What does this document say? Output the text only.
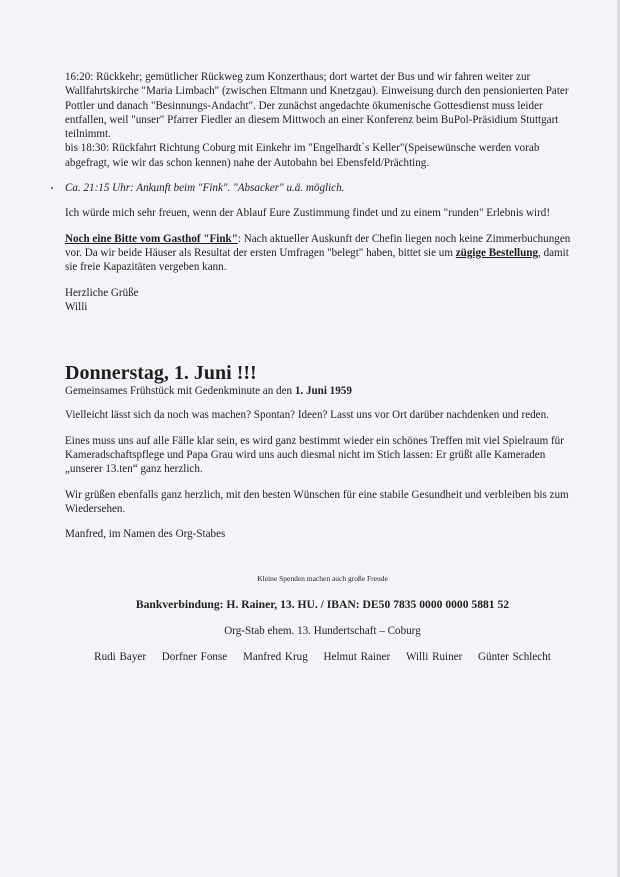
16:20: Rückkehr; gemütlicher Rückweg zum Konzerthaus; dort wartet der Bus und wir fahren weiter zur Wallfahrtskirche "Maria Limbach" (zwischen Eltmann und Knetzgau). Einweisung durch den pensionierten Pater Pottler und danach "Besinnungs-Andacht". Der zunächst angedachte ökumenische Gottesdienst muss leider entfallen, weil "unser" Pfarrer Fiedler an diesem Mittwoch an einer Konferenz beim BuPol-Präsidium Stuttgart teilnimmt.

bis 18:30: Rückfahrt Richtung Coburg mit Einkehr im "Engelhardt`s Keller"(Speisewünsche werden vorab abgefragt, wie wir das schon kennen) nahe der Autobahn bei Ebensfeld/Prächting.

Ca. 21:15 Uhr: Ankunft beim "Fink". "Absacker" u.ä. möglich.

Ich würde mich sehr freuen, wenn der Ablauf Eure Zustimmung findet und zu einem "runden" Erlebnis wird!

Noch eine Bitte vom Gasthof "Fink": Nach aktueller Auskunft der Chefin liegen noch keine Zimmerbuchungen vor. Da wir beide Häuser als Resultat der ersten Umfragen "belegt" haben, bittet sie um zügige Bestellung, damit sie freie Kapazitäten vergeben kann.

Herzliche Grüße

Willi

Donnerstag, 1. Juni !!!

Gemeinsames Frühstück mit Gedenkminute an den 1. Juni 1959

Vielleicht lässt sich da noch was machen? Spontan? Ideen? Lasst uns vor Ort darüber nachdenken und reden.

Eines muss uns auf alle Fälle klar sein, es wird ganz bestimmt wieder ein schönes Treffen mit viel Spielraum für Kameradschaftspflege und Papa Grau wird uns auch diesmal nicht im Stich lassen: Er grüßt alle Kameraden „unserer 13.ten“ ganz herzlich.

Wir grüßen ebenfalls ganz herzlich, mit den besten Wünschen für eine stabile Gesundheit und verbleiben bis zum Wiedersehen.

Manfred, im Namen des Org-Stabes

Kleine Spenden machen auch große Freude

Bankverbindung: H. Rainer, 13. HU. / IBAN: DE50 7835 0000 0000 5881 52

Org-Stab ehem. 13. Hundertschaft – Coburg

Rudi Bayer Dorfner Fonse Manfred Krug Helmut Rainer Willi Ruiner Günter Schlecht
